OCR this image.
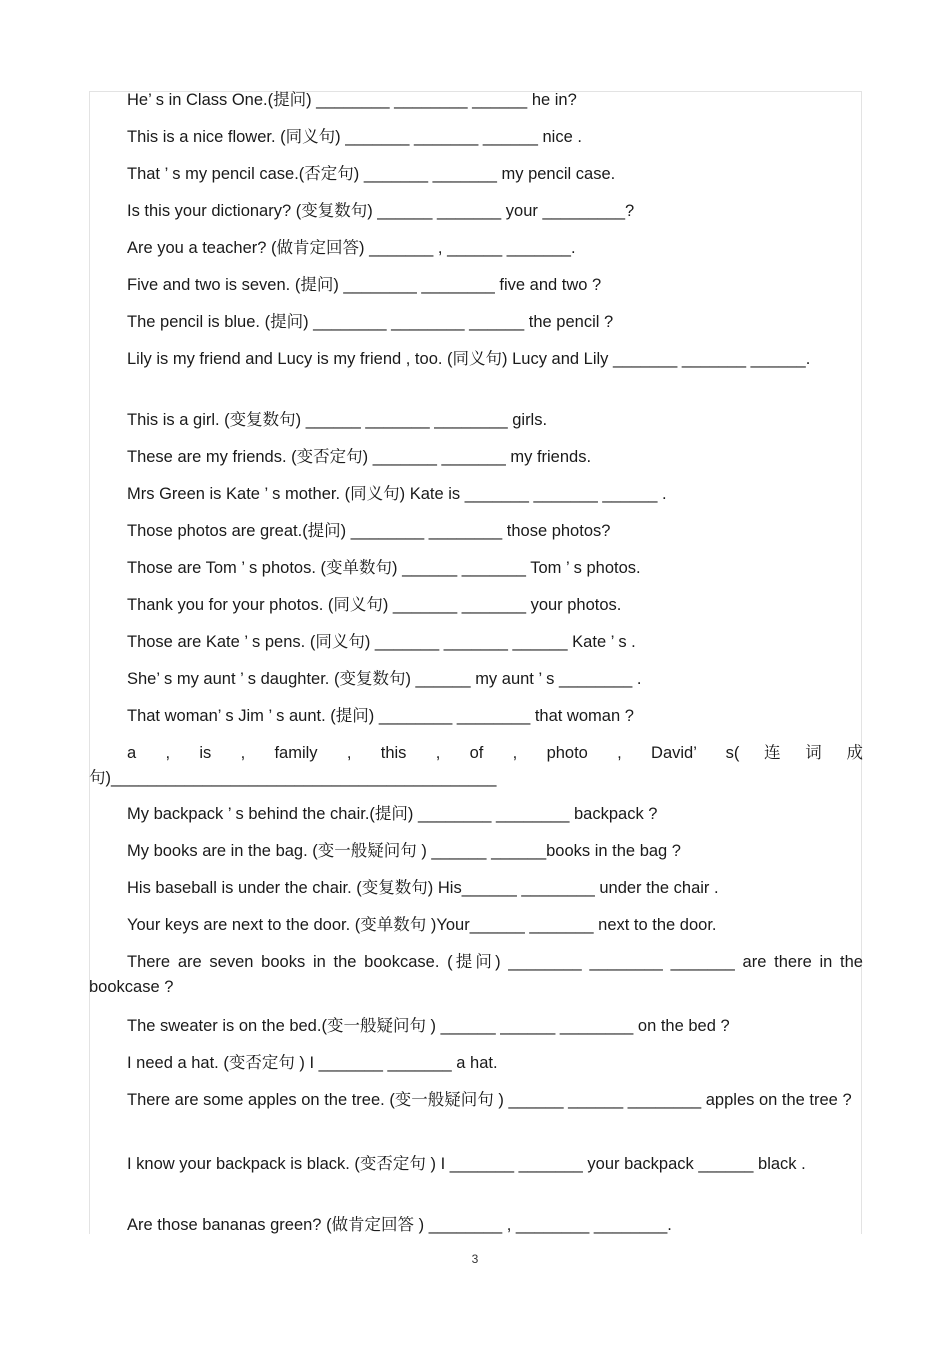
He’ s in Class One.(提问) ________ ________ ______ he in?
This is a nice flower. (同义句) _______ _______ ______ nice .
That ’ s my pencil case.(否定句) _______ _______ my pencil case.
Is this your dictionary? (变复数句) ______ _______ your _________?
Are you a teacher? (做肯定回答) _______ , ______ _______.
Five and two is seven. (提问) ________ ________ five and two ?
The pencil is blue. (提问) ________ ________ ______ the pencil ?
Lily is my friend and Lucy is my friend , too. (同义句) Lucy and Lily _______ _______ ______.
This is a girl. (变复数句) ______ _______ ________ girls.
These are my friends. (变否定句) _______ _______ my friends.
Mrs Green is Kate ’ s mother. (同义句) Kate is _______ _______ ______ .
Those photos are great.(提问) ________ ________ those photos?
Those are Tom ’ s photos. (变单数句) ______ _______ Tom ’ s photos.
Thank you for your photos. (同义句) _______ _______ your photos.
Those are Kate ’ s pens. (同义句) _______ _______ ______ Kate ’ s .
She’ s my aunt ’ s daughter. (变复数句) ______ my aunt ’ s ________ .
That woman’ s Jim ’ s aunt. (提问) ________ ________ that woman ?
a , is , family , this , of , photo , David’ s(连词成句)__________________________________________
My backpack ’ s behind the chair.(提问) ________ ________ backpack ?
My books are in the bag. (变一般疑问句 ) ______ ______books in the bag ?
His baseball is under the chair. (变复数句) His______ ________ under the chair .
Your keys are next to the door. (变单数句 )Your______ _______ next to the door.
There are seven books in the bookcase. (提问) ________ ________ _______ are there in the bookcase ?
The sweater is on the bed.(变一般疑问句 ) ______ ______ ________ on the bed ?
I need a hat. (变否定句 ) I _______ _______ a hat.
There are some apples on the tree. (变一般疑问句 ) ______ ______ ________ apples on the tree ?
I know your backpack is black. (变否定句 ) I _______ _______ your backpack ______ black .
Are those bananas green? (做肯定回答 ) ________ , ________ ________.
3
